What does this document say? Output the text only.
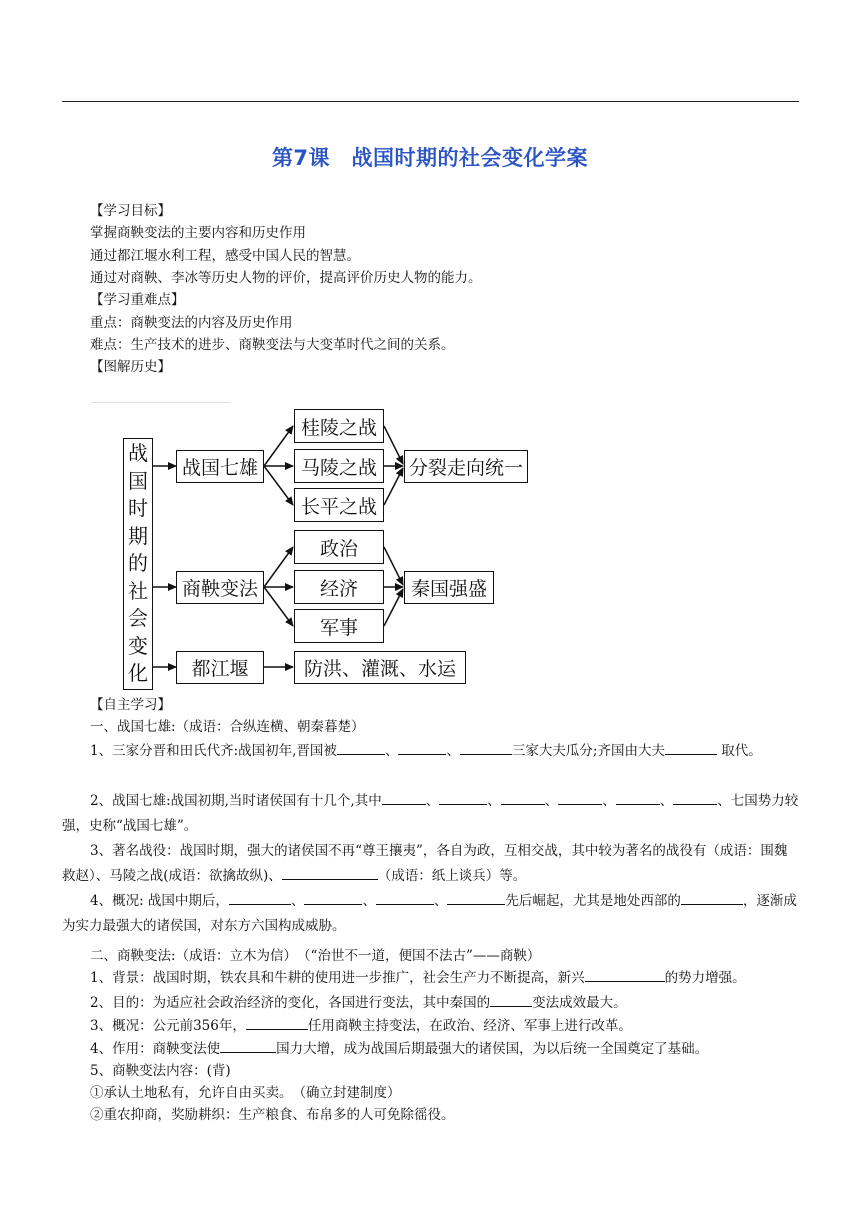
第7课　战国时期的社会变化学案
【学习目标】
掌握商鞅变法的主要内容和历史作用
通过都江堰水利工程，感受中国人民的智慧。
通过对商鞅、李冰等历史人物的评价，提高评价历史人物的能力。
【学习重难点】
重点：商鞅变法的内容及历史作用
难点：生产技术的进步、商鞅变法与大变革时代之间的关系。
【图解历史】
战
国
时
期
的
社
会
变
化
战国七雄
桂陵之战
马陵之战
长平之战
分裂走向统一
商鞅变法
政治
经济
军事
秦国强盛
都江堰	防洪、灌溉、水运
【自主学习】
一、战国七雄:（成语：合纵连横、朝秦暮楚）
1、三家分晋和田氏代齐:战国初年,晋国被	、	、	三家大夫瓜分;齐国由大夫	取代。
2、战国七雄:战国初期,当时诸侯国有十几个,其中	、	、	、	、	、	、七国势力较强，史称“战国七雄”。
3、著名战役：战国时期，强大的诸侯国不再“尊王攘夷”，各自为政，互相交战，其中较为著名的战役有（成语：围魏救赵）、马陵之战(成语：欲擒故纵)、	（成语：纸上谈兵）等。
4、概况: 战国中期后，	、	、	、	先后崛起，尤其是地处西部的	，逐渐成为实力最强大的诸侯国，对东方六国构成威胁。
二、商鞅变法:（成语：立木为信）　（“治世不一道，便国不法古”——商鞅）
1、背景：战国时期，铁农具和牛耕的使用进一步推广，社会生产力不断提高，新兴	的势力增强。
2、目的：为适应社会政治经济的变化，各国进行变法，其中秦国的	变法成效最大。
3、概况：公元前356年，	任用商鞅主持变法，在政治、经济、军事上进行改革。
4、作用：商鞅变法使	国力大增，成为战国后期最强大的诸侯国，为以后统一全国奠定了基础。
5、商鞅变法内容：(背)
①承认土地私有，允许自由买卖。　（确立封建制度）
②重农抑商，奖励耕织：生产粮食、布帛多的人可免除徭役。
